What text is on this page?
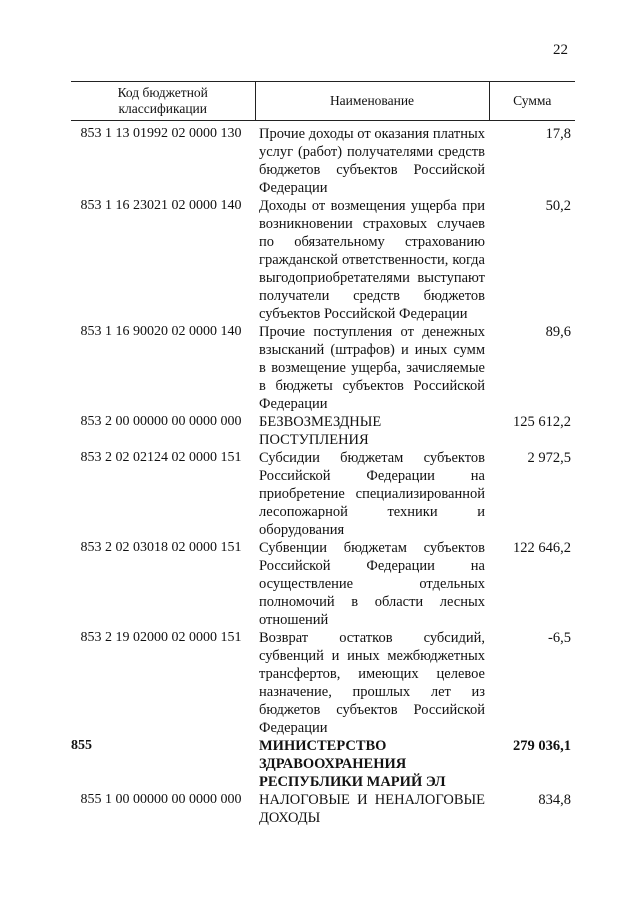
22
Код бюджетной классификации	Наименование	Сумма
853 1 13 01992 02 0000 130	Прочие доходы от оказания платных услуг (работ) получателями средств бюджетов субъектов Российской Федерации	17,8
853 1 16 23021 02 0000 140	Доходы от возмещения ущерба при возникновении страховых случаев по обязательному страхованию гражданской ответственности, когда выгодоприобретателями выступают получатели средств бюджетов субъектов Российской Федерации	50,2
853 1 16 90020 02 0000 140	Прочие поступления от денежных взысканий (штрафов) и иных сумм в возмещение ущерба, зачисляемые в бюджеты субъектов Российской Федерации	89,6
853 2 00 00000 00 0000 000	БЕЗВОЗМЕЗДНЫЕ ПОСТУПЛЕНИЯ	125 612,2
853 2 02 02124 02 0000 151	Субсидии бюджетам субъектов Российской Федерации на приобретение специализированной лесопожарной техники и оборудования	2 972,5
853 2 02 03018 02 0000 151	Субвенции бюджетам субъектов Российской Федерации на осуществление отдельных полномочий в области лесных отношений	122 646,2
853 2 19 02000 02 0000 151	Возврат остатков субсидий, субвенций и иных межбюджетных трансфертов, имеющих целевое назначение, прошлых лет из бюджетов субъектов Российской Федерации	-6,5
855	МИНИСТЕРСТВО ЗДРАВООХРАНЕНИЯ РЕСПУБЛИКИ МАРИЙ ЭЛ	279 036,1
855 1 00 00000 00 0000 000	НАЛОГОВЫЕ И НЕНАЛОГОВЫЕ ДОХОДЫ	834,8
